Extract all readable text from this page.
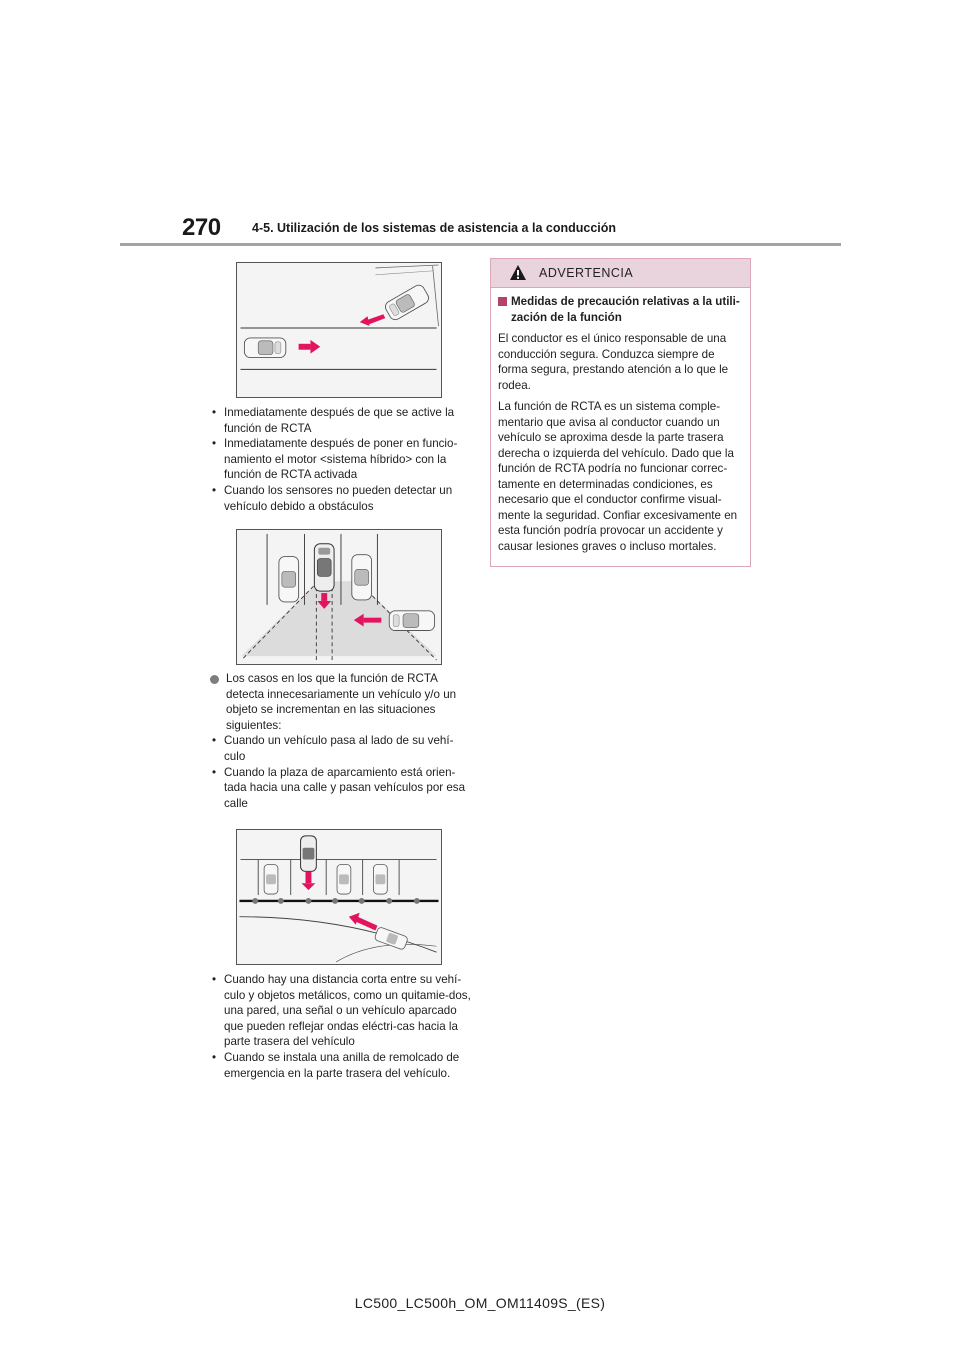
270	4-5. Utilización de los sistemas de asistencia a la conducción
• Inmediatamente después de que se active la función de RCTA
• Inmediatamente después de poner en funcio-namiento el motor <sistema híbrido> con la función de RCTA activada
• Cuando los sensores no pueden detectar un vehículo debido a obstáculos
Los casos en los que la función de RCTA detecta innecesariamente un vehículo y/o un objeto se incrementan en las situaciones siguientes:
• Cuando un vehículo pasa al lado de su vehí-culo
• Cuando la plaza de aparcamiento está orien-tada hacia una calle y pasan vehículos por esa calle
• Cuando hay una distancia corta entre su vehí-culo y objetos metálicos, como un quitamie-dos, una pared, una señal o un vehículo aparcado que pueden reflejar ondas eléctri-cas hacia la parte trasera del vehículo
• Cuando se instala una anilla de remolcado de emergencia en la parte trasera del vehículo.
ADVERTENCIA
Medidas de precaución relativas a la utili-zación de la función
El conductor es el único responsable de una conducción segura. Conduzca siempre de forma segura, prestando atención a lo que le rodea.
La función de RCTA es un sistema comple-mentario que avisa al conductor cuando un vehículo se aproxima desde la parte trasera derecha o izquierda del vehículo. Dado que la función de RCTA podría no funcionar correc-tamente en determinadas condiciones, es necesario que el conductor confirme visual-mente la seguridad. Confiar excesivamente en esta función podría provocar un accidente y causar lesiones graves o incluso mortales.
LC500_LC500h_OM_OM11409S_(ES)
